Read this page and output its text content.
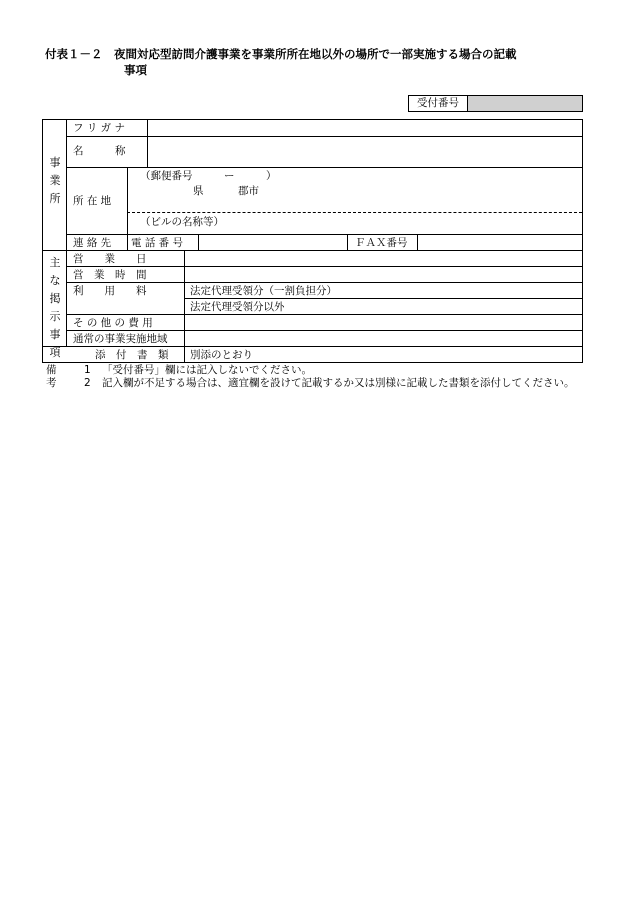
付表１－２　夜間対応型訪問介護事業を事業所所在地以外の場所で一部実施する場合の記載
事項
受付番号
事業所
フ リ ガ ナ
名　　　称
所 在 地
（郵便番号　　　ー　　　）
県	郡市
（ビルの名称等）
連 絡 先 電 話 番 号	ＦＡＸ番号
主な掲示事項
営　　業　　日
営　業　時　間
利　　用　　料	法定代理受領分（一割負担分）
法定代理受領分以外
そ の 他 の 費 用
通常の事業実施地域
添　付　書　類 別添のとおり
備考
1 「受付番号」欄には記入しないでください。
2 記入欄が不足する場合は、適宜欄を設けて記載するか又は別様に記載した書類を添付してください。
